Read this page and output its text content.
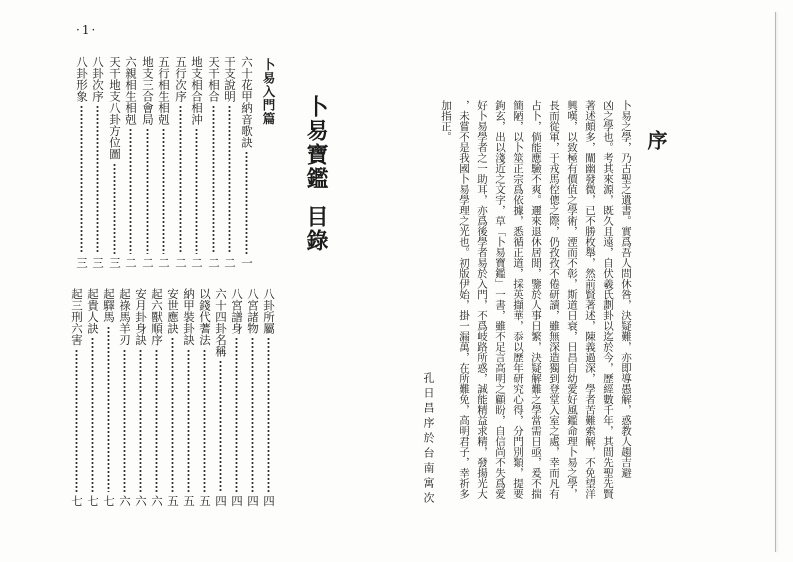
·1·
卜易入門篇
六十花甲納音歌訣
一
干支說明
二
天干相合
二
地支相合相沖
二
五行次序
二
五行相生相剋
二
地支三合會局
二
六親相生相剋
二
天干地支八卦方位圖
三
八卦次序
三
八卦形象
三
八卦所屬
四
八宮諸物
四
八宮譜身
四
六十四卦名稱
四
以錢代蓍法
五
納甲裝卦訣
五
安世應訣
五
起六獸順序
六
安月卦身訣
六
起祿馬羊刃
六
起驛馬
七
起貴人訣
七
起三刑六害
七
卜易寶鑑
目錄
序
卜易之學，乃古聖之遺書。實爲吾人問休咎，決疑難，亦即導愚解，惑教人趨吉避
凶之學也。考其來源，既久且遠，自伏羲氏劃卦以迄於今，歷經數千年，其間先聖先賢
著述頗多，闡幽發微，已不勝枚舉，然前賢著述，陳義過深，學者苦難索解，不免望洋
興嘆，以致極有價值之學術，湮而不彰，斯道日衰，日昌自幼愛好風鑑命理卜易之學，
長而從軍，于戎馬倥傯之際，仍孜孜不倦研讀，雖無深造獨到登堂入室之處，幸而凡有
占卜，倘能應驗不爽。邇來退休居閒，鑒於人事日繁，決疑解難之學當需日亟，爰不揣
簡陋，以卜筮正宗爲依據，悉循正道，採英擷華，忝以歷年研究心得，分門別類，提要
鉤玄，出以淺近之文字，草「卜易寶鑑」一書，雖不足言高明之顧盼，自信尚不失爲愛
好卜易學者之一助耳，亦爲後學者易於入門，不爲岐路所惑，誠能精益求精，發揚光大
，未嘗不是我國卜易學理之光也。初版伊始，掛一漏萬，在所難免，高明君子，幸祈多
加指正。
孔日昌序於台南寓次
